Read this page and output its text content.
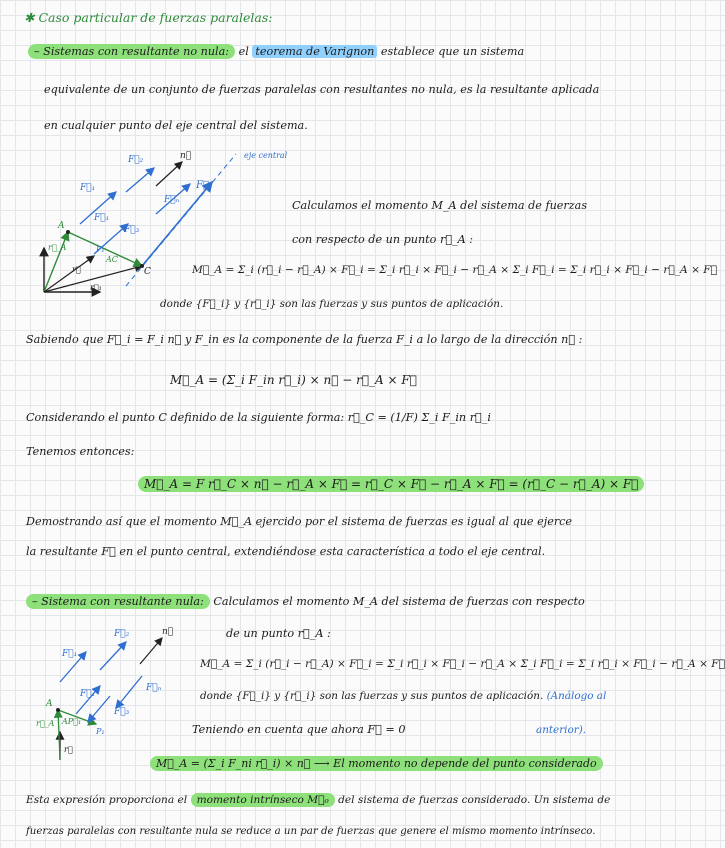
✱ Caso particular de fuerzas paralelas:
– Sistemas con resultante no nula: el teorema de Varignon establece que un sistema
equivalente de un conjunto de fuerzas paralelas con resultantes no nula, es la resultante aplicada
en cualquier punto del eje central del sistema.
F⃗₂	n⃗
F⃗₁
F⃗₁
F⃗ₙ
F⃗
F⃗₃
A
r⃗_A	P₁
AC
r⃗	C
r⃗₁
eje central
Calculamos el momento M_A del sistema de fuerzas
con respecto de un punto r⃗_A :
M⃗_A = Σ_i (r⃗_i − r⃗_A) × F⃗_i = Σ_i r⃗_i × F⃗_i − r⃗_A × Σ_i F⃗_i = Σ_i r⃗_i × F⃗_i − r⃗_A × F⃗
donde {F⃗_i} y {r⃗_i} son las fuerzas y sus puntos de aplicación.
Sabiendo que F⃗_i = F_i n⃗ y F_in es la componente de la fuerza F_i a lo largo de la dirección n⃗ :
M⃗_A = (Σ_i F_in r⃗_i) × n⃗ − r⃗_A × F⃗
Considerando el punto C definido de la siguiente forma: r⃗_C = (1/F) Σ_i F_in r⃗_i
Tenemos entonces:
M⃗_A = F r⃗_C × n⃗ − r⃗_A × F⃗ = r⃗_C × F⃗ − r⃗_A × F⃗ = (r⃗_C − r⃗_A) × F⃗
Demostrando así que el momento M⃗_A ejercido por el sistema de fuerzas es igual al que ejerce
la resultante F⃗ en el punto central, extendiéndose esta característica a todo el eje central.
– Sistema con resultante nula: Calculamos el momento M_A del sistema de fuerzas con respecto
de un punto r⃗_A :
F⃗₂	n⃗
F⃗₁
F⃗₁
F⃗ₙ
F⃗₃
A
r⃗_A AP⃗₁
P₁
r⃗
M⃗_A = Σ_i (r⃗_i − r⃗_A) × F⃗_i = Σ_i r⃗_i × F⃗_i − r⃗_A × Σ_i F⃗_i = Σ_i r⃗_i × F⃗_i − r⃗_A × F⃗
donde {F⃗_i} y {r⃗_i} son las fuerzas y sus puntos de aplicación. (Análogo al
anterior).
Teniendo en cuenta que ahora F⃗ = 0
M⃗_A = (Σ_i F_ni r⃗_i) × n⃗ ⟶ El momento no depende del punto considerado
Esta expresión proporciona el momento intrínseco M⃗₀ del sistema de fuerzas considerado. Un sistema de
fuerzas paralelas con resultante nula se reduce a un par de fuerzas que genere el mismo momento intrínseco.
